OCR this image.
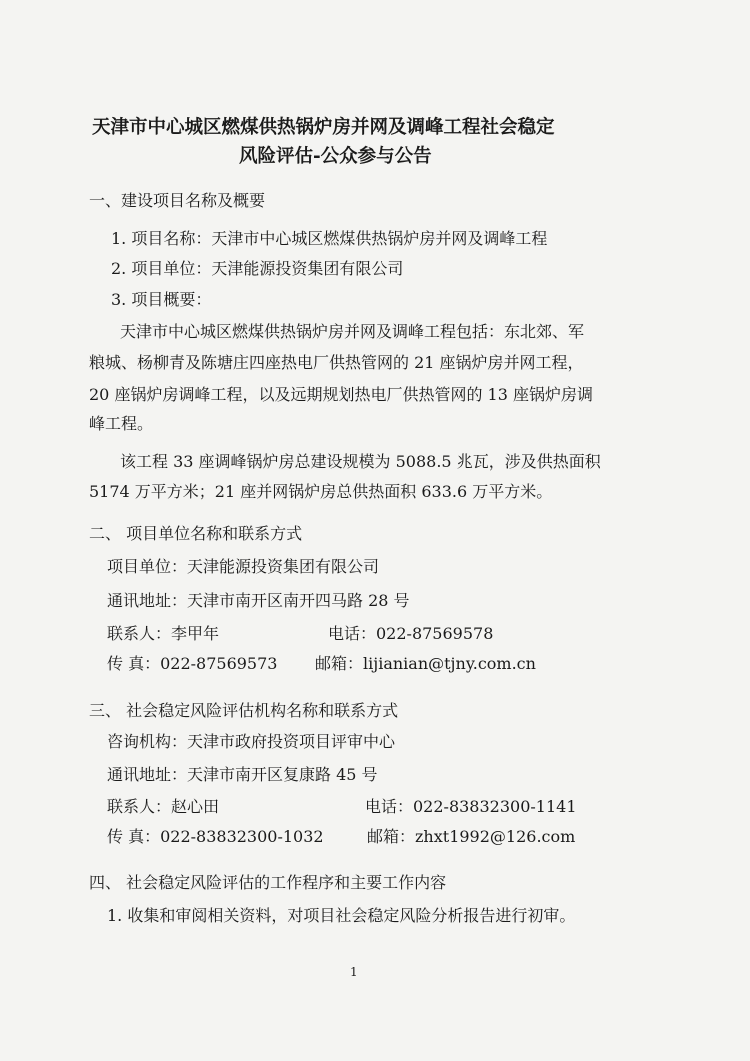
天津市中心城区燃煤供热锅炉房并网及调峰工程社会稳定
风险评估-公众参与公告
一、建设项目名称及概要
1. 项目名称：天津市中心城区燃煤供热锅炉房并网及调峰工程
2. 项目单位：天津能源投资集团有限公司
3. 项目概要：
天津市中心城区燃煤供热锅炉房并网及调峰工程包括：东北郊、军
粮城、杨柳青及陈塘庄四座热电厂供热管网的 21 座锅炉房并网工程，
20 座锅炉房调峰工程，以及远期规划热电厂供热管网的 13 座锅炉房调
峰工程。
该工程 33 座调峰锅炉房总建设规模为 5088.5 兆瓦，涉及供热面积
5174 万平方米；21 座并网锅炉房总供热面积 633.6 万平方米。
二、 项目单位名称和联系方式
项目单位：天津能源投资集团有限公司
通讯地址：天津市南开区南开四马路 28 号
联系人：李甲年	电话：022-87569578
传 真：022-87569573 邮箱：lijianian@tjny.com.cn
三、 社会稳定风险评估机构名称和联系方式
咨询机构：天津市政府投资项目评审中心
通讯地址：天津市南开区复康路 45 号
联系人：赵心田	电话：022-83832300-1141
传 真：022-83832300-1032	邮箱：zhxt1992@126.com
四、 社会稳定风险评估的工作程序和主要工作内容
1. 收集和审阅相关资料，对项目社会稳定风险分析报告进行初审。
1
